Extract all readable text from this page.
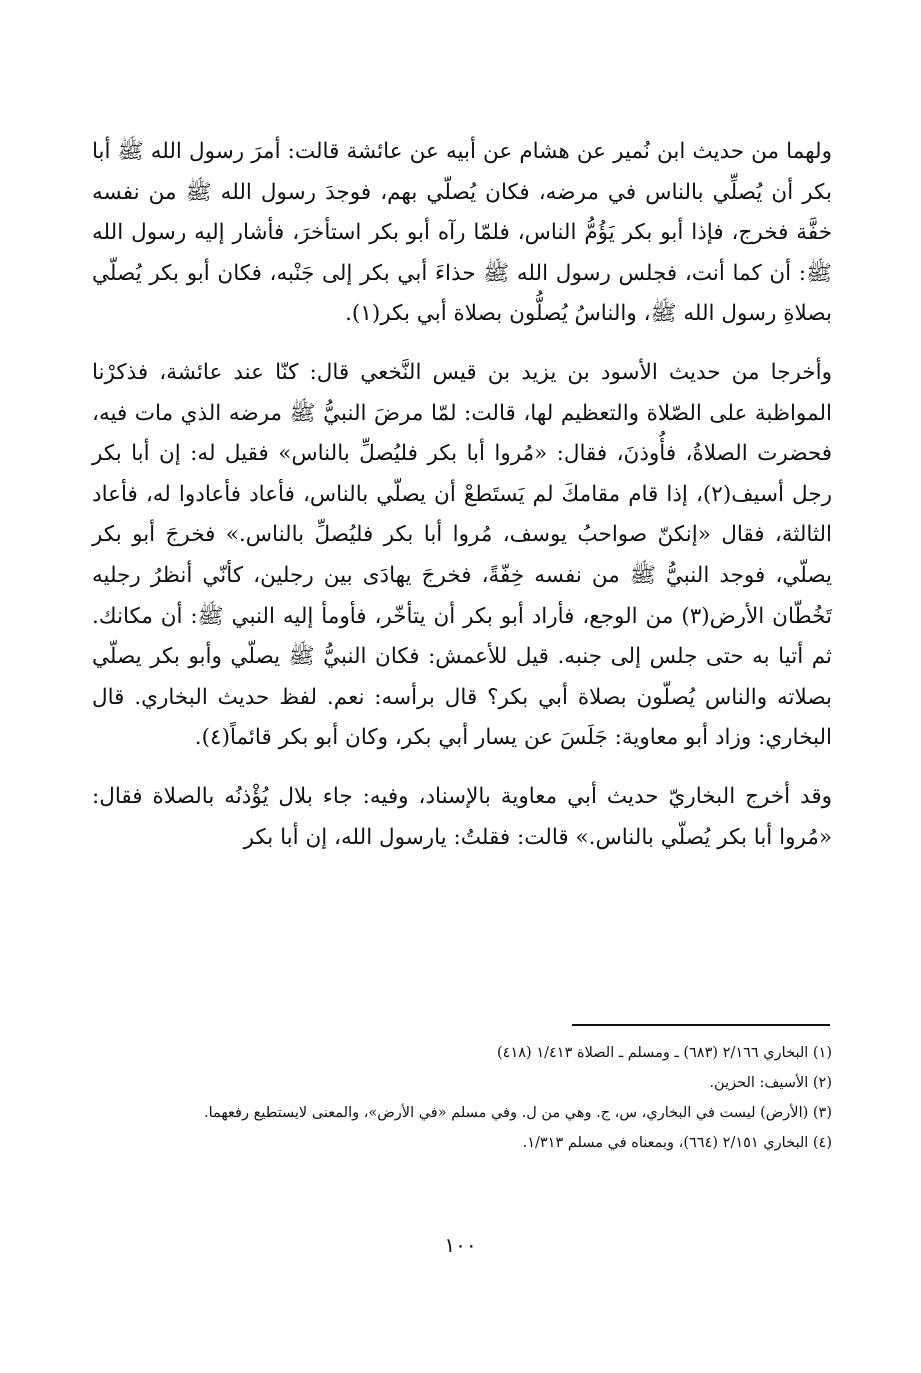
ولهما من حديث ابن نُمير عن هشام عن أبيه عن عائشة قالت: أمرَ رسول الله ﷺ أبا بكر أن يُصلِّي بالناس في مرضه، فكان يُصلّي بهم، فوجدَ رسول الله ﷺ من نفسه خفَّة فخرج، فإذا أبو بكر يَؤُمُّ الناس، فلمّا رآه أبو بكر استأخرَ، فأشار إليه رسول الله ﷺ: أن كما أنت، فجلس رسول الله ﷺ حذاءَ أبي بكر إلى جَنْبه، فكان أبو بكر يُصلّي بصلاةِ رسول الله ﷺ، والناسُ يُصلُّون بصلاة أبي بكر(١).

وأخرجا من حديث الأسود بن يزيد بن قيس النَّخعي قال: كنّا عند عائشة، فذكرْنا المواظبة على الصّلاة والتعظيم لها، قالت: لمّا مرضَ النبيُّ ﷺ مرضه الذي مات فيه، فحضرت الصلاةُ، فأُوذنَ، فقال: «مُروا أبا بكر فليُصلِّ بالناس» فقيل له: إن أبا بكر رجل أسيف(٢)، إذا قام مقامكَ لم يَستَطعْ أن يصلّي بالناس، فأعاد فأعادوا له، فأعاد الثالثة، فقال «إنكنّ صواحبُ يوسف، مُروا أبا بكر فليُصلِّ بالناس.» فخرجَ أبو بكر يصلّي، فوجد النبيُّ ﷺ من نفسه خِفّةً، فخرجَ يهادَى بين رجلين، كأنّي أنظرُ رجليه تَخُطّان الأرض(٣) من الوجع، فأراد أبو بكر أن يتأخّر، فأومأ إليه النبي ﷺ: أن مكانك. ثم أتيا به حتى جلس إلى جنبه. قيل للأعمش: فكان النبيُّ ﷺ يصلّي وأبو بكر يصلّي بصلاته والناس يُصلّون بصلاة أبي بكر؟ قال برأسه: نعم. لفظ حديث البخاري. قال البخاري: وزاد أبو معاوية: جَلَسَ عن يسار أبي بكر، وكان أبو بكر قائماً(٤).

وقد أخرج البخاريّ حديث أبي معاوية بالإسناد، وفيه: جاء بلال يُؤْذنُه بالصلاة فقال: «مُروا أبا بكر يُصلّي بالناس.» قالت: فقلتُ: يارسول الله، إن أبا بكر

(١) البخاري ٢/١٦٦ (٦٨٣) ـ ومسلم ـ الصلاة ١/٤١٣ (٤١٨)
(٢) الأسيف: الحزين.
(٣) (الأرض) ليست في البخاري، س، ج. وهي من ل. وفي مسلم «في الأرض»، والمعنى لايستطيع رفعهما.
(٤) البخاري ٢/١٥١ (٦٦٤)، وبمعناه في مسلم ١/٣١٣.
١٠٠
